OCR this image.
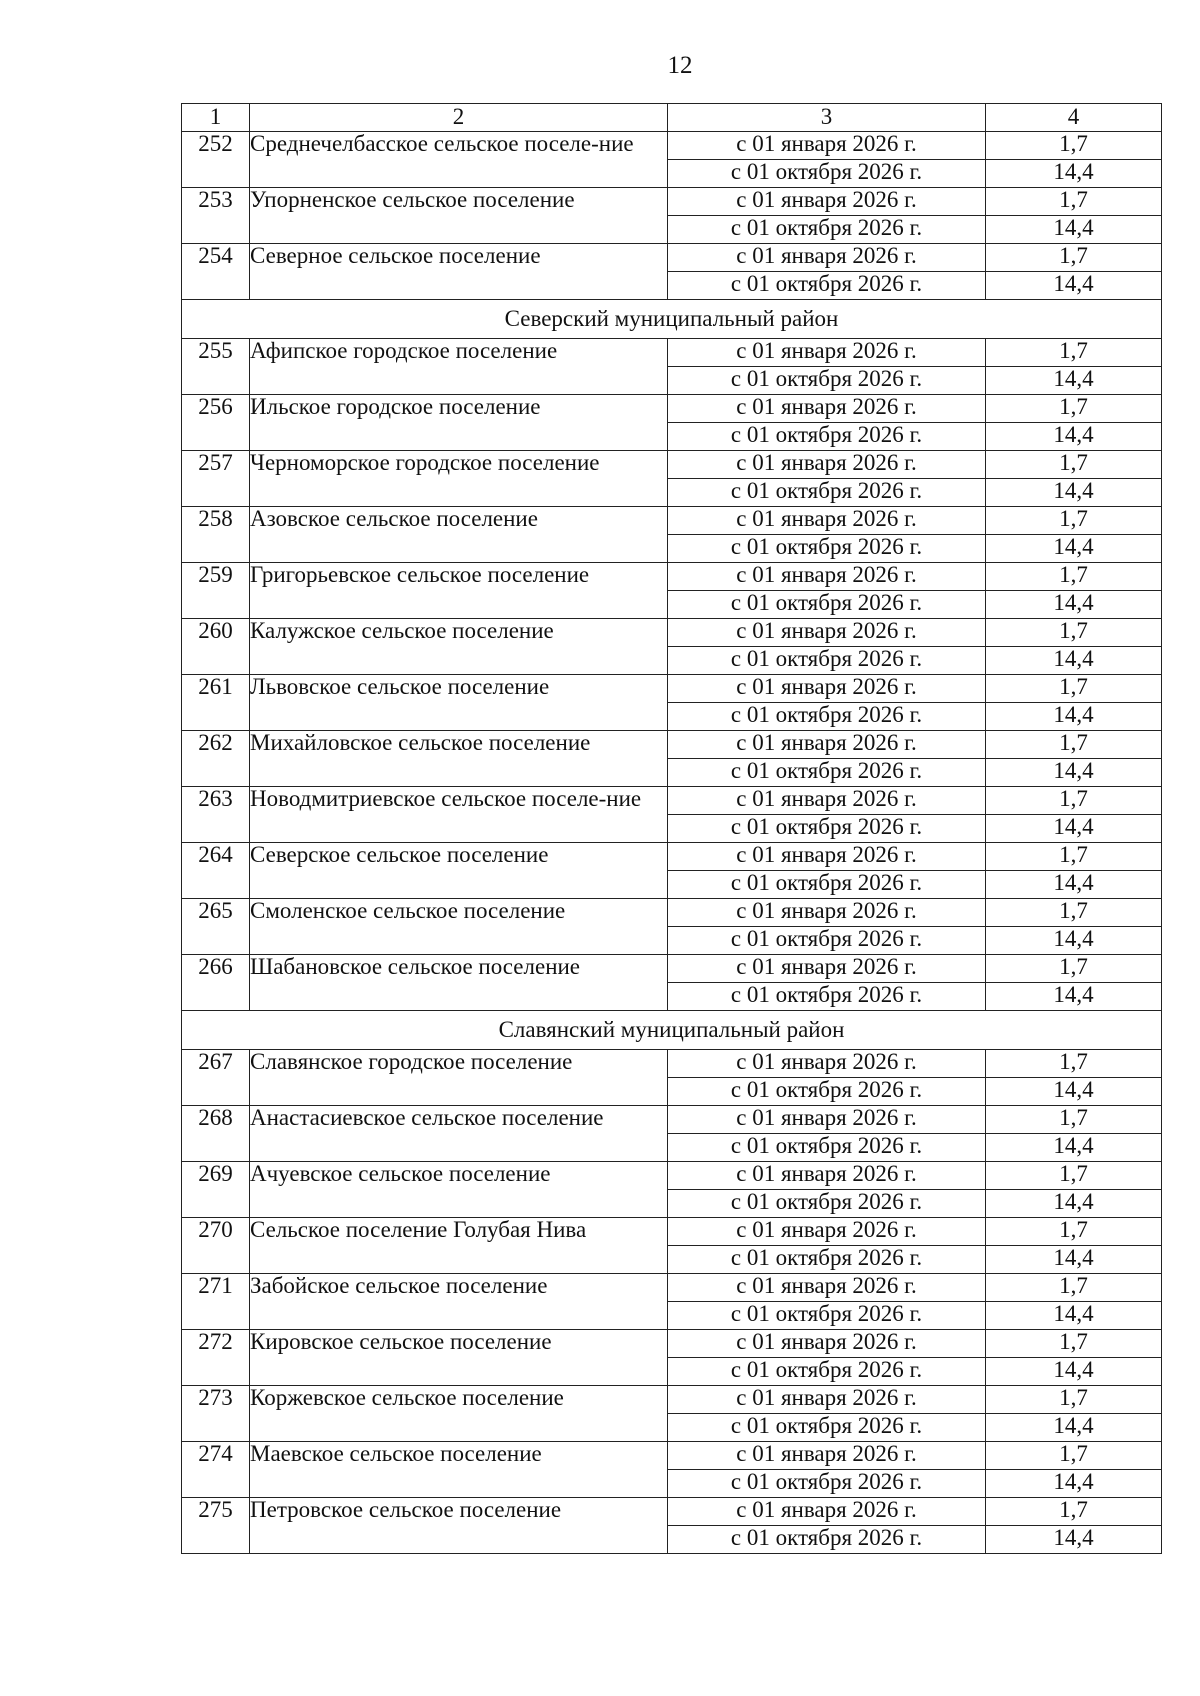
12
1	2	3	4
252	Среднечелбасское сельское поселе-ние	с 01 января 2026 г.	1,7
		с 01 октября 2026 г.	14,4
253	Упорненское сельское поселение	с 01 января 2026 г.	1,7
		с 01 октября 2026 г.	14,4
254	Северное сельское поселение	с 01 января 2026 г.	1,7
		с 01 октября 2026 г.	14,4
Северский муниципальный район			
255	Афипское городское поселение	с 01 января 2026 г.	1,7
		с 01 октября 2026 г.	14,4
256	Ильское городское поселение	с 01 января 2026 г.	1,7
		с 01 октября 2026 г.	14,4
257	Черноморское городское поселение	с 01 января 2026 г.	1,7
		с 01 октября 2026 г.	14,4
258	Азовское сельское поселение	с 01 января 2026 г.	1,7
		с 01 октября 2026 г.	14,4
259	Григорьевское сельское поселение	с 01 января 2026 г.	1,7
		с 01 октября 2026 г.	14,4
260	Калужское сельское поселение	с 01 января 2026 г.	1,7
		с 01 октября 2026 г.	14,4
261	Львовское сельское поселение	с 01 января 2026 г.	1,7
		с 01 октября 2026 г.	14,4
262	Михайловское сельское поселение	с 01 января 2026 г.	1,7
		с 01 октября 2026 г.	14,4
263	Новодмитриевское сельское поселе-ние	с 01 января 2026 г.	1,7
		с 01 октября 2026 г.	14,4
264	Северское сельское поселение	с 01 января 2026 г.	1,7
		с 01 октября 2026 г.	14,4
265	Смоленское сельское поселение	с 01 января 2026 г.	1,7
		с 01 октября 2026 г.	14,4
266	Шабановское сельское поселение	с 01 января 2026 г.	1,7
		с 01 октября 2026 г.	14,4
Славянский муниципальный район			
267	Славянское городское поселение	с 01 января 2026 г.	1,7
		с 01 октября 2026 г.	14,4
268	Анастасиевское сельское поселение	с 01 января 2026 г.	1,7
		с 01 октября 2026 г.	14,4
269	Ачуевское сельское поселение	с 01 января 2026 г.	1,7
		с 01 октября 2026 г.	14,4
270	Сельское поселение Голубая Нива	с 01 января 2026 г.	1,7
		с 01 октября 2026 г.	14,4
271	Забойское сельское поселение	с 01 января 2026 г.	1,7
		с 01 октября 2026 г.	14,4
272	Кировское сельское поселение	с 01 января 2026 г.	1,7
		с 01 октября 2026 г.	14,4
273	Коржевское сельское поселение	с 01 января 2026 г.	1,7
		с 01 октября 2026 г.	14,4
274	Маевское сельское поселение	с 01 января 2026 г.	1,7
		с 01 октября 2026 г.	14,4
275	Петровское сельское поселение	с 01 января 2026 г.	1,7
		с 01 октября 2026 г.	14,4
